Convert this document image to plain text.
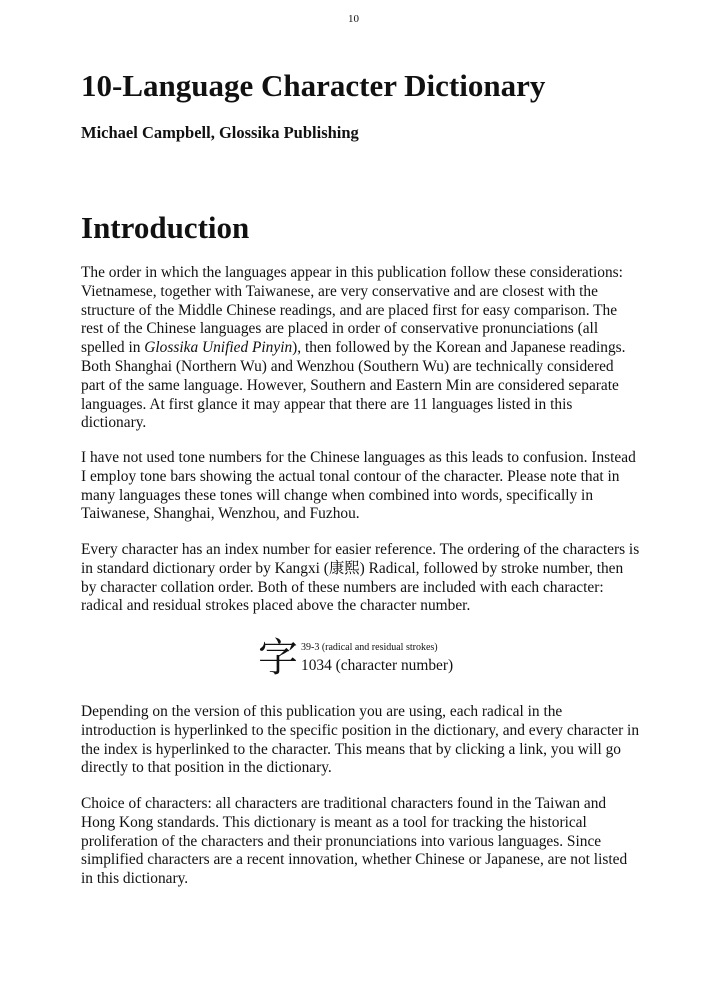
10
10-Language Character Dictionary
Michael Campbell, Glossika Publishing
Introduction

The order in which the languages appear in this publication follow these considerations: Vietnamese, together with Taiwanese, are very conservative and are closest with the structure of the Middle Chinese readings, and are placed first for easy comparison. The rest of the Chinese languages are placed in order of conservative pronunciations (all spelled in Glossika Unified Pinyin), then followed by the Korean and Japanese readings. Both Shanghai (Northern Wu) and Wenzhou (Southern Wu) are technically considered part of the same language. However, Southern and Eastern Min are considered separate languages. At first glance it may appear that there are 11 languages listed in this dictionary.

I have not used tone numbers for the Chinese languages as this leads to confusion. Instead I employ tone bars showing the actual tonal contour of the character. Please note that in many languages these tones will change when combined into words, specifically in Taiwanese, Shanghai, Wenzhou, and Fuzhou.

Every character has an index number for easier reference. The ordering of the characters is in standard dictionary order by Kangxi (康熙) Radical, followed by stroke number, then by character collation order. Both of these numbers are included with each character: radical and residual strokes placed above the character number.

字 39-3 (radical and residual strokes)
1034 (character number)

Depending on the version of this publication you are using, each radical in the introduction is hyperlinked to the specific position in the dictionary, and every character in the index is hyperlinked to the character. This means that by clicking a link, you will go directly to that position in the dictionary.

Choice of characters: all characters are traditional characters found in the Taiwan and Hong Kong standards. This dictionary is meant as a tool for tracking the historical proliferation of the characters and their pronunciations into various languages. Since simplified characters are a recent innovation, whether Chinese or Japanese, are not listed in this dictionary.
